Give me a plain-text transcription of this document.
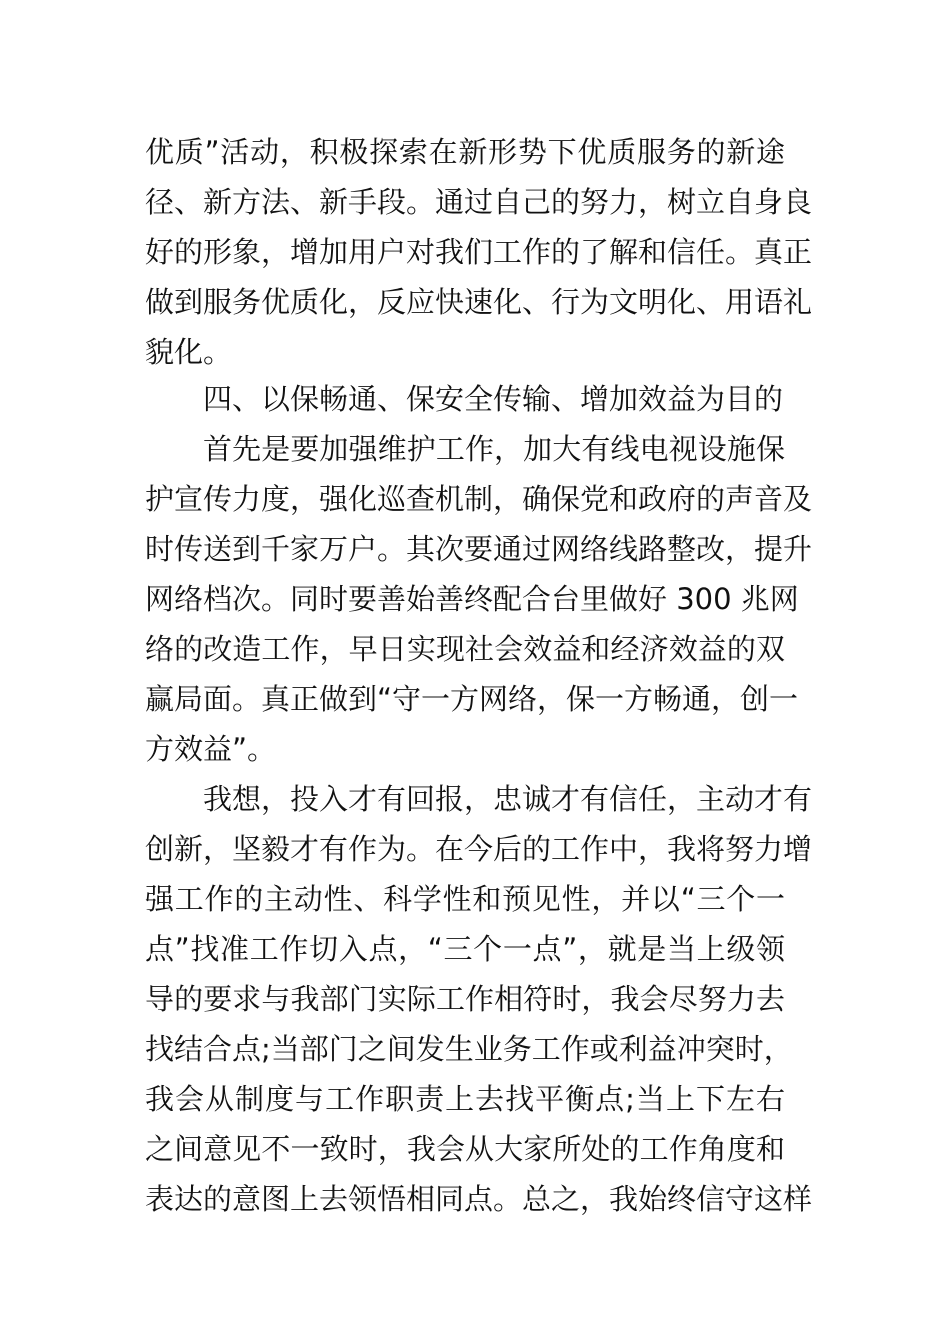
优质”活动，积极探索在新形势下优质服务的新途
径、新方法、新手段。通过自己的努力，树立自身良
好的形象，增加用户对我们工作的了解和信任。真正
做到服务优质化，反应快速化、行为文明化、用语礼
貌化。
四、以保畅通、保安全传输、增加效益为目的
首先是要加强维护工作，加大有线电视设施保
护宣传力度，强化巡查机制，确保党和政府的声音及
时传送到千家万户。其次要通过网络线路整改，提升
网络档次。同时要善始善终配合台里做好 300 兆网
络的改造工作，早日实现社会效益和经济效益的双
赢局面。真正做到“守一方网络，保一方畅通，创一
方效益”。
我想，投入才有回报，忠诚才有信任，主动才有
创新，坚毅才有作为。在今后的工作中，我将努力增
强工作的主动性、科学性和预见性，并以“三个一
点”找准工作切入点，“三个一点”，就是当上级领
导的要求与我部门实际工作相符时，我会尽努力去
找结合点;当部门之间发生业务工作或利益冲突时，
我会从制度与工作职责上去找平衡点;当上下左右
之间意见不一致时，我会从大家所处的工作角度和
表达的意图上去领悟相同点。总之，我始终信守这样
